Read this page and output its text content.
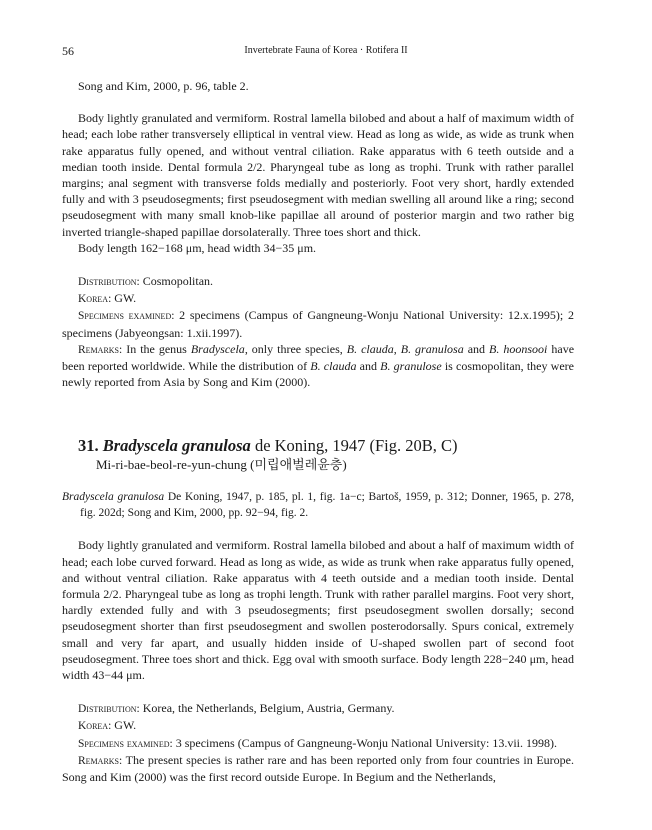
56	Invertebrate Fauna of Korea · Rotifera II

Song and Kim, 2000, p. 96, table 2.

Body lightly granulated and vermiform. Rostral lamella bilobed and about a half of maximum width of head; each lobe rather transversely elliptical in ventral view. Head as long as wide, as wide as trunk when rake apparatus fully opened, and without ventral ciliation. Rake apparatus with 6 teeth outside and a median tooth inside. Dental formula 2/2. Pharyngeal tube as long as trophi. Trunk with rather parallel margins; anal segment with transverse folds medially and posteriorly. Foot very short, hardly extended fully and with 3 pseudosegments; first pseudosegment with median swelling all around like a ring; second pseudosegment with many small knob-like papillae all around of posterior margin and two rather big inverted triangle-shaped papillae dorsolaterally. Three toes short and thick.

Body length 162−168 μm, head width 34−35 μm.

Distribution: Cosmopolitan.

Korea: GW.

Specimens examined: 2 specimens (Campus of Gangneung-Wonju National University: 12.x.1995); 2 specimens (Jabyeongsan: 1.xii.1997).

Remarks: In the genus Bradyscela, only three species, B. clauda, B. granulosa and B. hoonsooi have been reported worldwide. While the distribution of B. clauda and B. granulose is cosmopolitan, they were newly reported from Asia by Song and Kim (2000).

31. Bradyscela granulosa de Koning, 1947 (Fig. 20B, C)
Mi-ri-bae-beol-re-yun-chung (미립애벌레윤충)

Bradyscela granulosa De Koning, 1947, p. 185, pl. 1, fig. 1a−c; Bartoš, 1959, p. 312; Donner, 1965, p. 278, fig. 202d; Song and Kim, 2000, pp. 92−94, fig. 2.

Body lightly granulated and vermiform. Rostral lamella bilobed and about a half of maximum width of head; each lobe curved forward. Head as long as wide, as wide as trunk when rake apparatus fully opened, and without ventral ciliation. Rake apparatus with 4 teeth outside and a median tooth inside. Dental formula 2/2. Pharyngeal tube as long as trophi length. Trunk with rather parallel margins. Foot very short, hardly extended fully and with 3 pseudosegments; first pseudosegment swollen dorsally; second pseudosegment shorter than first pseudosegment and swollen posterodorsally. Spurs conical, extremely small and very far apart, and usually hidden inside of U-shaped swollen part of second foot pseudosegment. Three toes short and thick. Egg oval with smooth surface. Body length 228−240 μm, head width 43−44 μm.

Distribution: Korea, the Netherlands, Belgium, Austria, Germany.

Korea: GW.

Specimens examined: 3 specimens (Campus of Gangneung-Wonju National University: 13.vii. 1998).

Remarks: The present species is rather rare and has been reported only from four countries in Europe. Song and Kim (2000) was the first record outside Europe. In Begium and the Netherlands,
